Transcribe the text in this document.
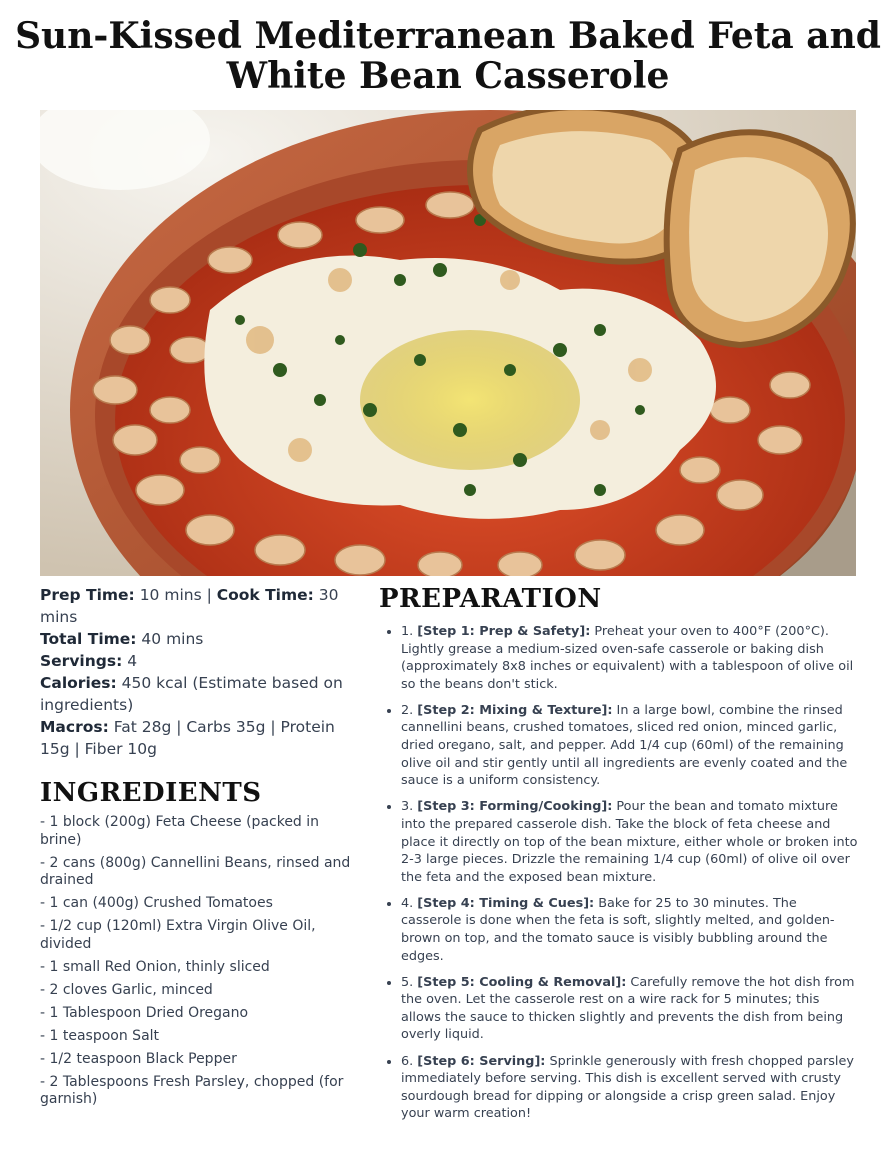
Sun-Kissed Mediterranean Baked Feta and White Bean Casserole

Prep Time: 10 mins | Cook Time: 30 mins

Total Time: 40 mins

Servings: 4

Calories: 450 kcal (Estimate based on ingredients)

Macros: Fat 28g | Carbs 35g | Protein 15g | Fiber 10g

INGREDIENTS
- 1 block (200g) Feta Cheese (packed in brine)
- 2 cans (800g) Cannellini Beans, rinsed and drained
- 1 can (400g) Crushed Tomatoes
- 1/2 cup (120ml) Extra Virgin Olive Oil, divided
- 1 small Red Onion, thinly sliced
- 2 cloves Garlic, minced
- 1 Tablespoon Dried Oregano
- 1 teaspoon Salt
- 1/2 teaspoon Black Pepper
- 2 Tablespoons Fresh Parsley, chopped (for garnish)
PREPARATION
• 1. [Step 1: Prep & Safety]: Preheat your oven to 400°F (200°C). Lightly grease a medium-sized oven-safe casserole or baking dish (approximately 8x8 inches or equivalent) with a tablespoon of olive oil so the beans don't stick.
• 2. [Step 2: Mixing & Texture]: In a large bowl, combine the rinsed cannellini beans, crushed tomatoes, sliced red onion, minced garlic, dried oregano, salt, and pepper. Add 1/4 cup (60ml) of the remaining olive oil and stir gently until all ingredients are evenly coated and the sauce is a uniform consistency.
• 3. [Step 3: Forming/Cooking]: Pour the bean and tomato mixture into the prepared casserole dish. Take the block of feta cheese and place it directly on top of the bean mixture, either whole or broken into 2-3 large pieces. Drizzle the remaining 1/4 cup (60ml) of olive oil over the feta and the exposed bean mixture.
• 4. [Step 4: Timing & Cues]: Bake for 25 to 30 minutes. The casserole is done when the feta is soft, slightly melted, and golden-brown on top, and the tomato sauce is visibly bubbling around the edges.
• 5. [Step 5: Cooling & Removal]: Carefully remove the hot dish from the oven. Let the casserole rest on a wire rack for 5 minutes; this allows the sauce to thicken slightly and prevents the dish from being overly liquid.
• 6. [Step 6: Serving]: Sprinkle generously with fresh chopped parsley immediately before serving. This dish is excellent served with crusty sourdough bread for dipping or alongside a crisp green salad. Enjoy your warm creation!
